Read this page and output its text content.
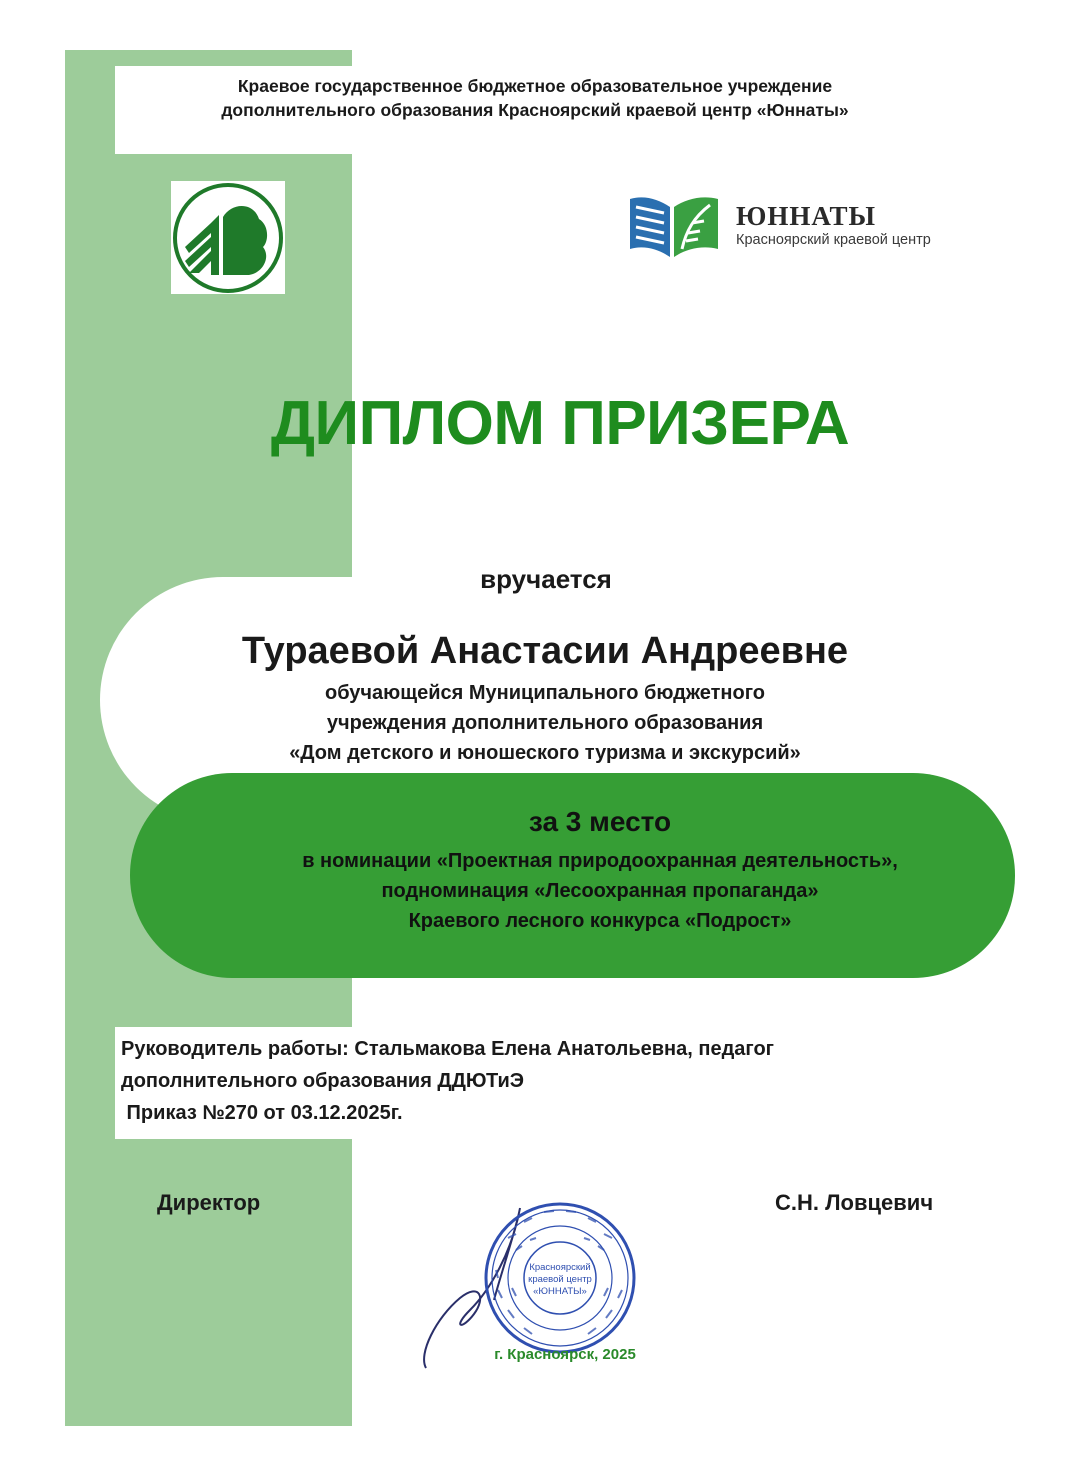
Краевое государственное бюджетное образовательное учреждение
дополнительного образования Красноярский краевой центр «Юннаты»
ЮННАТЫ
Красноярский краевой центр
ДИПЛОМ ПРИЗЕРА
вручается
Тураевой Анастасии Андреевне
обучающейся Муниципального бюджетного
учреждения дополнительного образования
«Дом детского и юношеского туризма и экскурсий»
за 3 место
в номинации «Проектная природоохранная деятельность»,
подноминация «Лесоохранная пропаганда»
Краевого лесного конкурса «Подрост»
Руководитель работы: Стальмакова Елена Анатольевна, педагог
дополнительного образования ДДЮТиЭ
Приказ №270 от 03.12.2025г.
Директор	С.Н. Ловцевич
Красноярский
краевой центр
«ЮННАТЫ»
г. Красноярск, 2025
